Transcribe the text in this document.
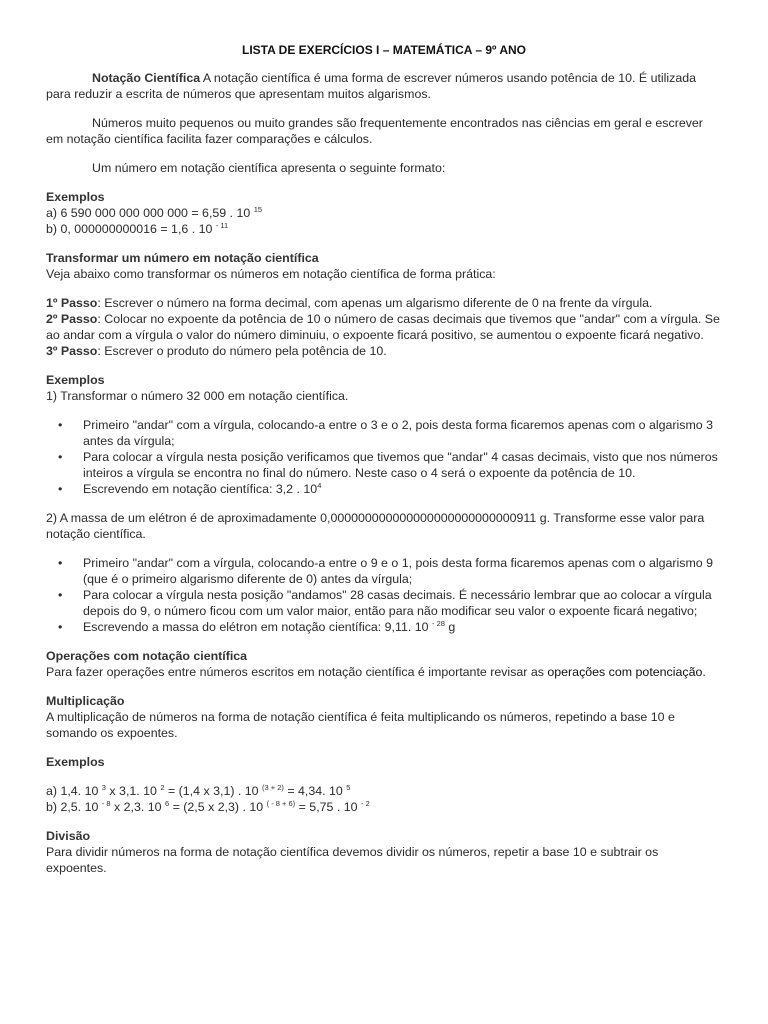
LISTA DE EXERCÍCIOS I – MATEMÁTICA – 9º ANO

Notação Científica A notação científica é uma forma de escrever números usando potência de 10. É utilizada para reduzir a escrita de números que apresentam muitos algarismos.

Números muito pequenos ou muito grandes são frequentemente encontrados nas ciências em geral e escrever em notação científica facilita fazer comparações e cálculos.

Um número em notação científica apresenta o seguinte formato:

Exemplos

a) 6 590 000 000 000 000 = 6,59 . 10 $^{15}$

b) 0, 000000000016 = 1,6 . 10 $^{- 11}$

Transformar um número em notação científica

Veja abaixo como transformar os números em notação científica de forma prática:

1º Passo: Escrever o número na forma decimal, com apenas um algarismo diferente de 0 na frente da vírgula.

2º Passo: Colocar no expoente da potência de 10 o número de casas decimais que tivemos que "andar" com a vírgula. Se ao andar com a vírgula o valor do número diminuiu, o expoente ficará positivo, se aumentou o expoente ficará negativo.

3º Passo: Escrever o produto do número pela potência de 10.

Exemplos

1) Transformar o número 32 000 em notação científica.

• Primeiro "andar" com a vírgula, colocando-a entre o 3 e o 2, pois desta forma ficaremos apenas com o algarismo 3 antes da vírgula;
• Para colocar a vírgula nesta posição verificamos que tivemos que "andar" 4 casas decimais, visto que nos números inteiros a vírgula se encontra no final do número. Neste caso o 4 será o expoente da potência de 10.
• Escrevendo em notação científica: 3,2 . $10^4$

2) A massa de um elétron é de aproximadamente 0,000000000000000000000000000911 g. Transforme esse valor para notação científica.

• Primeiro "andar" com a vírgula, colocando-a entre o 9 e o 1, pois desta forma ficaremos apenas com o algarismo 9 (que é o primeiro algarismo diferente de 0) antes da vírgula;
• Para colocar a vírgula nesta posição "andamos" 28 casas decimais. É necessário lembrar que ao colocar a vírgula depois do 9, o número ficou com um valor maior, então para não modificar seu valor o expoente ficará negativo;
• Escrevendo a massa do elétron em notação científica: 9,11. 10 $^{- 28}$ g

Operações com notação científica

Para fazer operações entre números escritos em notação científica é importante revisar as operações com potenciação.

Multiplicação

A multiplicação de números na forma de notação científica é feita multiplicando os números, repetindo a base 10 e somando os expoentes.

Exemplos

a) 1,4. 10 $^3$ x 3,1. 10 $^2$ = (1,4 x 3,1) . 10 $^{(3 + 2)}$ = 4,34. 10 $^5$

b) 2,5. 10 $^{- 8}$ x 2,3. 10 $^6$ = (2,5 x 2,3) . 10 $^{( - 8 + 6)}$ = 5,75 . 10 $^{- 2}$

Divisão

Para dividir números na forma de notação científica devemos dividir os números, repetir a base 10 e subtrair os expoentes.
